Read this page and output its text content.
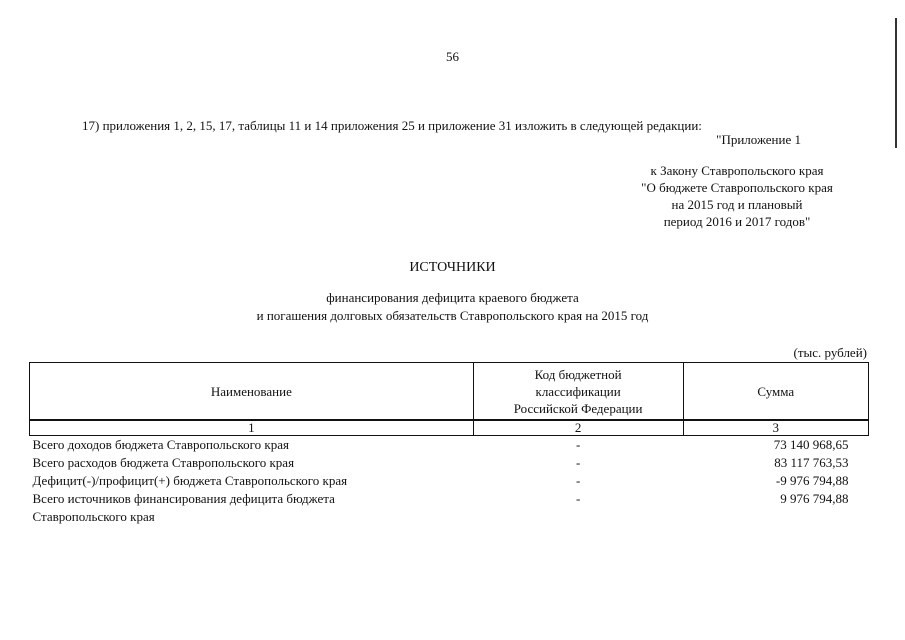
56
17) приложения 1, 2, 15, 17, таблицы 11 и 14 приложения 25 и приложение 31 изложить в следующей редакции:
"Приложение 1
к Закону Ставропольского края
"О бюджете Ставропольского края
на 2015 год и плановый
период 2016 и 2017 годов"
ИСТОЧНИКИ
финансирования дефицита краевого бюджета
и погашения долговых обязательств Ставропольского края на 2015 год
(тыс. рублей)
Наименование	Код бюджетной классификации Российской Федерации	Сумма
1	2	3
Всего доходов бюджета Ставропольского края	-	73 140 968,65
Всего расходов бюджета Ставропольского края	-	83 117 763,53
Дефицит(-)/профицит(+) бюджета Ставропольского края	-	-9 976 794,88
Всего источников финансирования дефицита бюджета Ставропольского края	-	9 976 794,88
